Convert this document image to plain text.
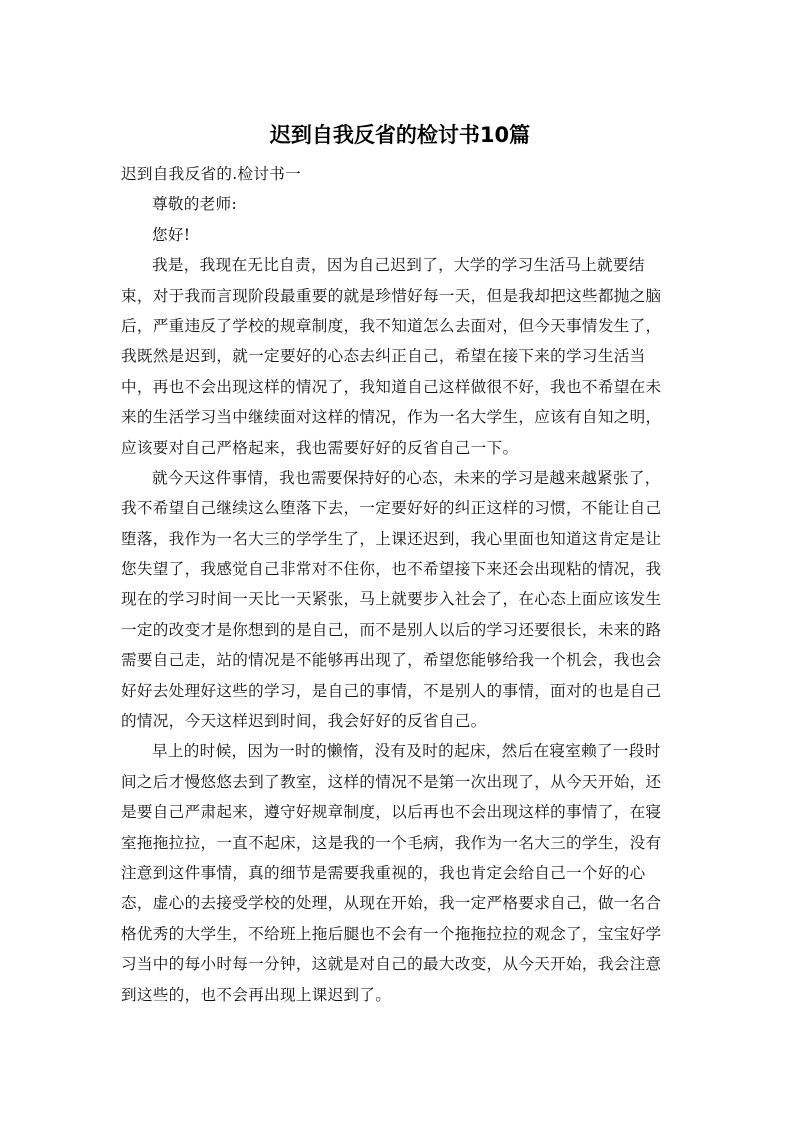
迟到自我反省的检讨书10篇
迟到自我反省的.检讨书一
尊敬的老师:
您好!
我是，我现在无比自责，因为自己迟到了，大学的学习生活马上就要结
束，对于我而言现阶段最重要的就是珍惜好每一天，但是我却把这些都抛之脑
后，严重违反了学校的规章制度，我不知道怎么去面对，但今天事情发生了，
我既然是迟到，就一定要好的心态去纠正自己，希望在接下来的学习生活当
中，再也不会出现这样的情况了，我知道自己这样做很不好，我也不希望在未
来的生活学习当中继续面对这样的情况，作为一名大学生，应该有自知之明，
应该要对自己严格起来，我也需要好好的反省自己一下。
就今天这件事情，我也需要保持好的心态，未来的学习是越来越紧张了，
我不希望自己继续这么堕落下去，一定要好好的纠正这样的习惯，不能让自己
堕落，我作为一名大三的学学生了，上课还迟到，我心里面也知道这肯定是让
您失望了，我感觉自己非常对不住你，也不希望接下来还会出现粘的情况，我
现在的学习时间一天比一天紧张，马上就要步入社会了，在心态上面应该发生
一定的改变才是你想到的是自己，而不是别人以后的学习还要很长，未来的路
需要自己走，站的情况是不能够再出现了，希望您能够给我一个机会，我也会
好好去处理好这些的学习，是自己的事情，不是别人的事情，面对的也是自己
的情况，今天这样迟到时间，我会好好的反省自己。
早上的时候，因为一时的懒惰，没有及时的起床，然后在寝室赖了一段时
间之后才慢悠悠去到了教室，这样的情况不是第一次出现了，从今天开始，还
是要自己严肃起来，遵守好规章制度，以后再也不会出现这样的事情了，在寝
室拖拖拉拉，一直不起床，这是我的一个毛病，我作为一名大三的学生，没有
注意到这件事情，真的细节是需要我重视的，我也肯定会给自己一个好的心
态，虚心的去接受学校的处理，从现在开始，我一定严格要求自己，做一名合
格优秀的大学生，不给班上拖后腿也不会有一个拖拖拉拉的观念了，宝宝好学
习当中的每小时每一分钟，这就是对自己的最大改变，从今天开始，我会注意
到这些的，也不会再出现上课迟到了。
